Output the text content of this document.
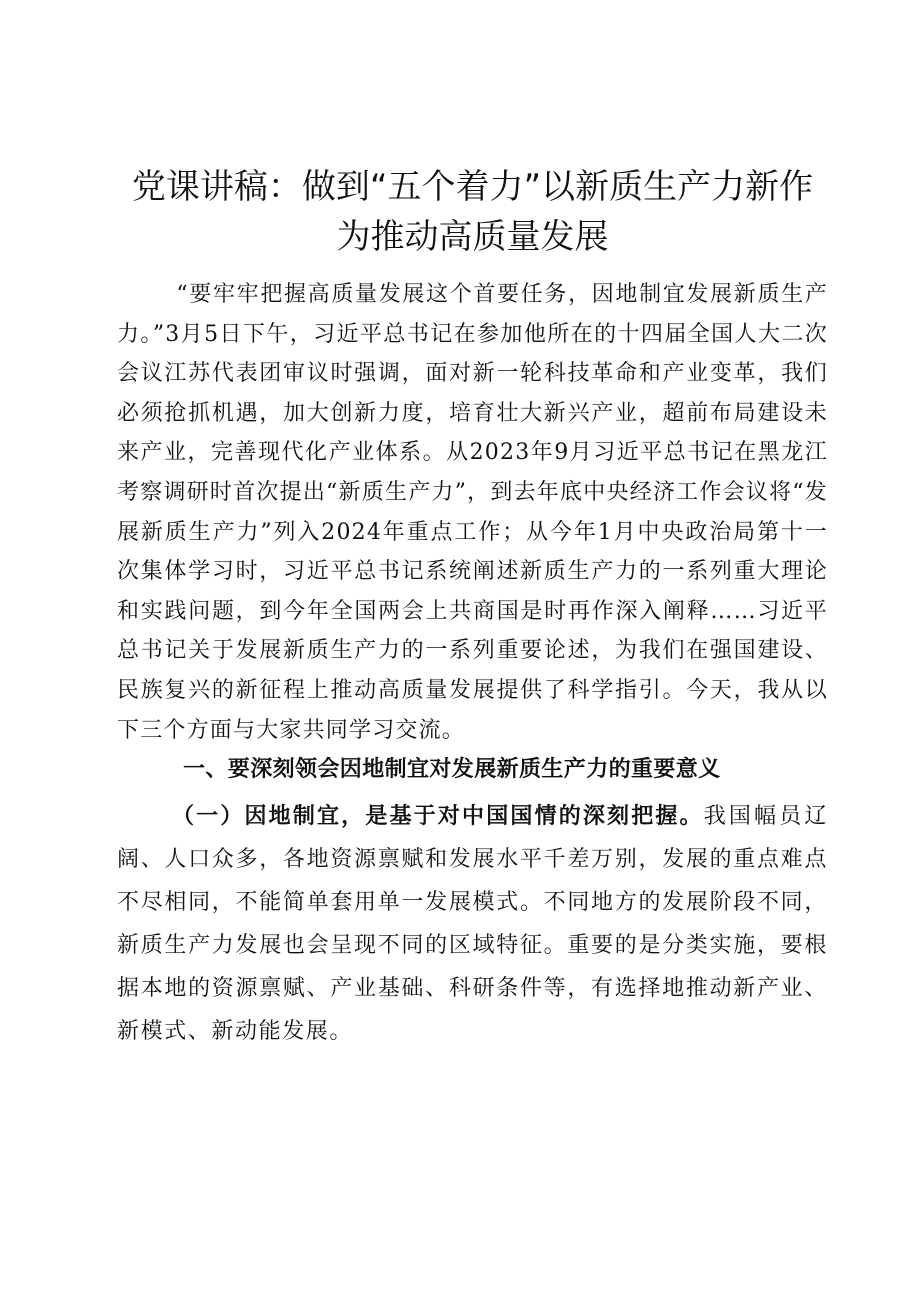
党课讲稿：做到“五个着力”以新质生产力新作
为推动高质量发展

“要牢牢把握高质量发展这个首要任务，因地制宜发展新质生产力。”3月5日下午，习近平总书记在参加他所在的十四届全国人大二次会议江苏代表团审议时强调，面对新一轮科技革命和产业变革，我们必须抢抓机遇，加大创新力度，培育壮大新兴产业，超前布局建设未来产业，完善现代化产业体系。从2023年9月习近平总书记在黑龙江考察调研时首次提出“新质生产力”，到去年底中央经济工作会议将“发展新质生产力”列入2024年重点工作；从今年1月中央政治局第十一次集体学习时，习近平总书记系统阐述新质生产力的一系列重大理论和实践问题，到今年全国两会上共商国是时再作深入阐释……习近平总书记关于发展新质生产力的一系列重要论述，为我们在强国建设、民族复兴的新征程上推动高质量发展提供了科学指引。今天，我从以下三个方面与大家共同学习交流。

一、要深刻领会因地制宜对发展新质生产力的重要意义

（一）因地制宜，是基于对中国国情的深刻把握。我国幅员辽阔、人口众多，各地资源禀赋和发展水平千差万别，发展的重点难点不尽相同，不能简单套用单一发展模式。不同地方的发展阶段不同，新质生产力发展也会呈现不同的区域特征。重要的是分类实施，要根据本地的资源禀赋、产业基础、科研条件等，有选择地推动新产业、新模式、新动能发展。
